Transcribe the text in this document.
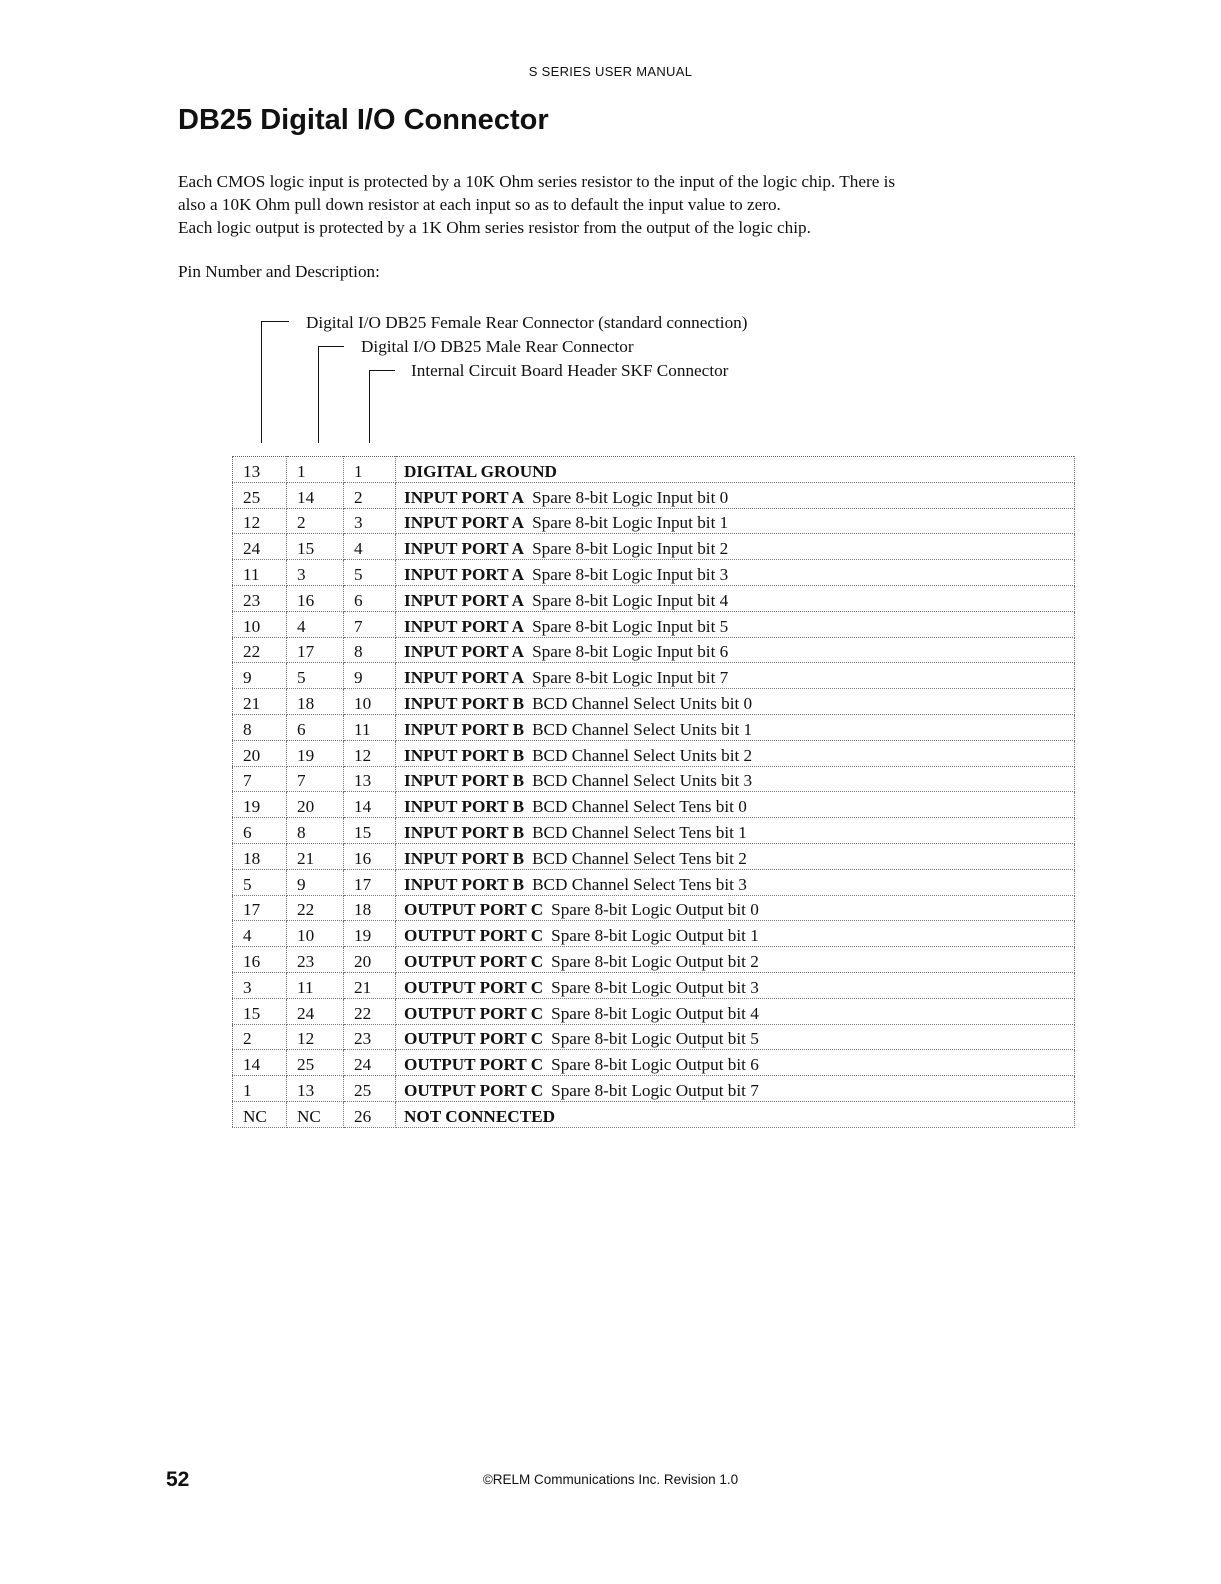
S SERIES USER MANUAL
DB25 Digital I/O Connector

Each CMOS logic input is protected by a 10K Ohm series resistor to the input of the logic chip. There is

also a 10K Ohm pull down resistor at each input so as to default the input value to zero.

Each logic output is protected by a 1K Ohm series resistor from the output of the logic chip.

Pin Number and Description:
Digital I/O DB25 Female Rear Connector (standard connection)
Digital I/O DB25 Male Rear Connector
Internal Circuit Board Header SKF Connector
13	1	1	DIGITAL GROUND
25	14	2	INPUT PORT A Spare 8-bit Logic Input bit 0
12	2	3	INPUT PORT A Spare 8-bit Logic Input bit 1
24	15	4	INPUT PORT A Spare 8-bit Logic Input bit 2
11	3	5	INPUT PORT A Spare 8-bit Logic Input bit 3
23	16	6	INPUT PORT A Spare 8-bit Logic Input bit 4
10	4	7	INPUT PORT A Spare 8-bit Logic Input bit 5
22	17	8	INPUT PORT A Spare 8-bit Logic Input bit 6
9	5	9	INPUT PORT A Spare 8-bit Logic Input bit 7
21	18	10	INPUT PORT B BCD Channel Select Units bit 0
8	6	11	INPUT PORT B BCD Channel Select Units bit 1
20	19	12	INPUT PORT B BCD Channel Select Units bit 2
7	7	13	INPUT PORT B BCD Channel Select Units bit 3
19	20	14	INPUT PORT B BCD Channel Select Tens bit 0
6	8	15	INPUT PORT B BCD Channel Select Tens bit 1
18	21	16	INPUT PORT B BCD Channel Select Tens bit 2
5	9	17	INPUT PORT B BCD Channel Select Tens bit 3
17	22	18	OUTPUT PORT C Spare 8-bit Logic Output bit 0
4	10	19	OUTPUT PORT C Spare 8-bit Logic Output bit 1
16	23	20	OUTPUT PORT C Spare 8-bit Logic Output bit 2
3	11	21	OUTPUT PORT C Spare 8-bit Logic Output bit 3
15	24	22	OUTPUT PORT C Spare 8-bit Logic Output bit 4
2	12	23	OUTPUT PORT C Spare 8-bit Logic Output bit 5
14	25	24	OUTPUT PORT C Spare 8-bit Logic Output bit 6
1	13	25	OUTPUT PORT C Spare 8-bit Logic Output bit 7
NC	NC	26	NOT CONNECTED
52	©RELM Communications Inc. Revision 1.0
